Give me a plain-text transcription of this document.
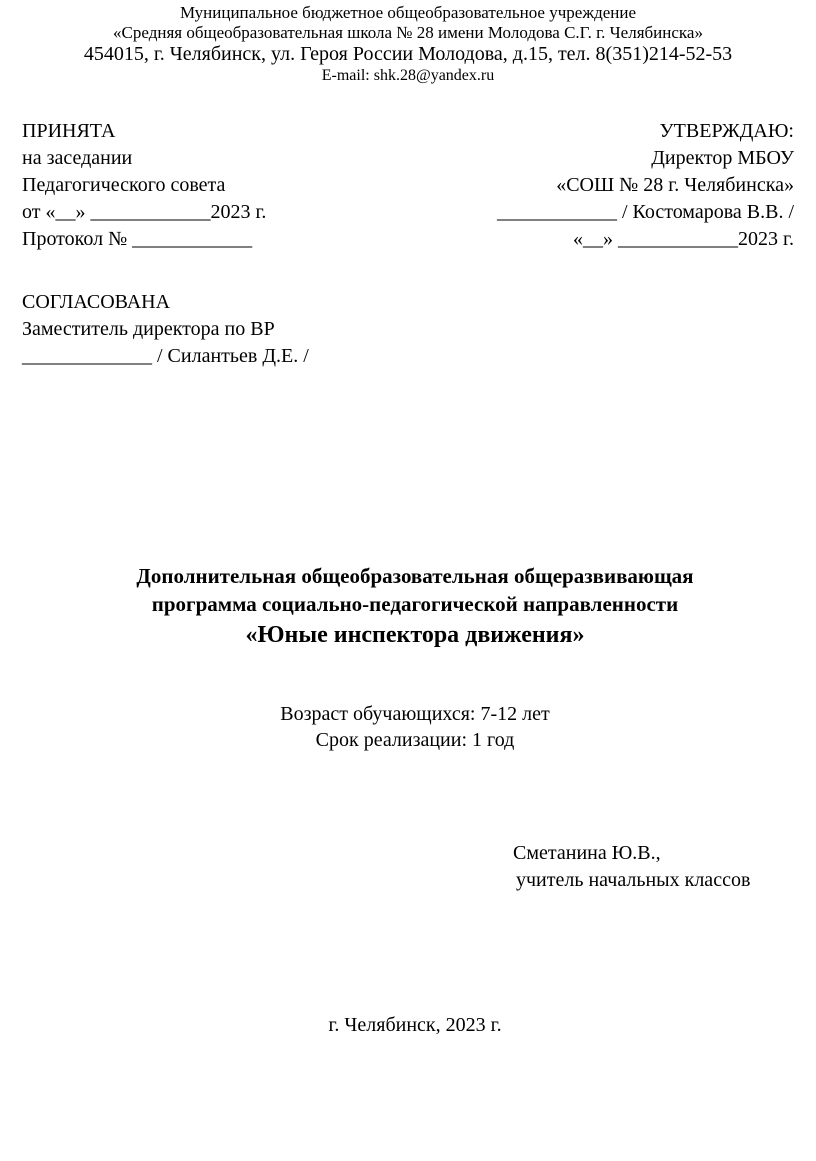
Муниципальное бюджетное общеобразовательное учреждение
«Средняя общеобразовательная школа № 28 имени Молодова С.Г. г. Челябинска»
454015, г. Челябинск, ул. Героя России Молодова, д.15, тел. 8(351)214-52-53
E-mail: shk.28@yandex.ru
ПРИНЯТА
на заседании
Педагогического совета
от «__» ____________2023 г.
Протокол № ____________
УТВЕРЖДАЮ:
Директор МБОУ
«СОШ № 28 г. Челябинска»
____________ / Костомарова В.В. /
«__» ____________2023 г.
СОГЛАСОВАНА
Заместитель директора по ВР
_____________ / Силантьев Д.Е. /
Дополнительная общеобразовательная общеразвивающая
программа социально-педагогической направленности
«Юные инспектора движения»
Возраст обучающихся: 7-12 лет
Срок реализации: 1 год
Сметанина Ю.В.,
учитель начальных классов
г. Челябинск, 2023 г.
